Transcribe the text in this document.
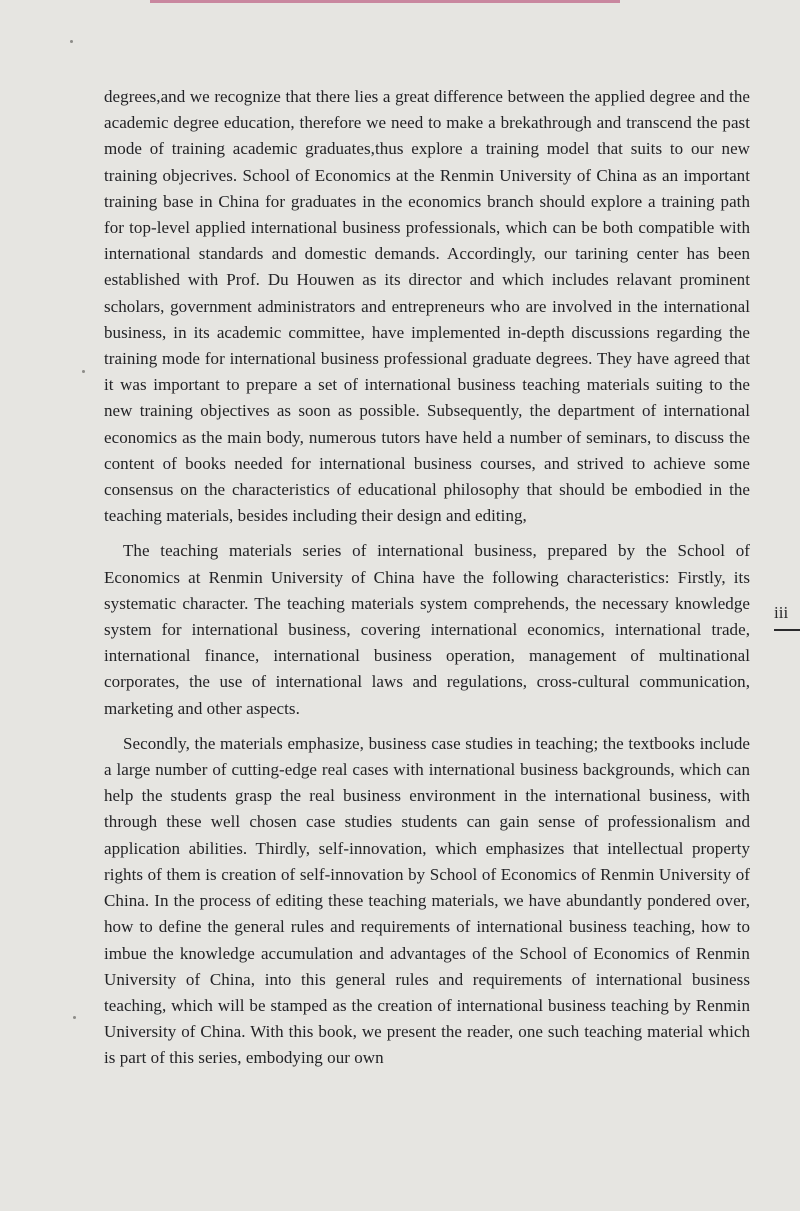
degrees,and we recognize that there lies a great difference between the applied degree and the academic degree education, therefore we need to make a brekathrough and transcend the past mode of training academic graduates,thus explore a training model that suits to our new training objecrives. School of Economics at the Renmin University of China as an important training base in China for graduates in the economics branch should explore a training path for top-level applied international business professionals, which can be both compatible with international standards and domestic demands. Accordingly, our tarining center has been established with Prof. Du Houwen as its director and which includes relavant prominent scholars, government administrators and entrepreneurs who are involved in the international business, in its academic committee, have implemented in-depth discussions regarding the training mode for international business professional graduate degrees. They have agreed that it was important to prepare a set of international business teaching materials suiting to the new training objectives as soon as possible. Subsequently, the department of international economics as the main body, numerous tutors have held a number of seminars, to discuss the content of books needed for international business courses, and strived to achieve some consensus on the characteristics of educational philosophy that should be embodied in the teaching materials, besides including their design and editing,

The teaching materials series of international business, prepared by the School of Economics at Renmin University of China have the following characteristics: Firstly, its systematic character. The teaching materials system comprehends, the necessary knowledge system for international business, covering international economics, international trade, international finance, international business operation, management of multinational corporates, the use of international laws and regulations, cross-cultural communication, marketing and other aspects.

Secondly, the materials emphasize, business case studies in teaching; the textbooks include a large number of cutting-edge real cases with international business backgrounds, which can help the students grasp the real business environment in the international business, with through these well chosen case studies students can gain sense of professionalism and application abilities. Thirdly, self-innovation, which emphasizes that intellectual property rights of them is creation of self-innovation by School of Economics of Renmin University of China. In the process of editing these teaching materials, we have abundantly pondered over, how to define the general rules and requirements of international business teaching, how to imbue the knowledge accumulation and advantages of the School of Economics of Renmin University of China, into this general rules and requirements of international business teaching, which will be stamped as the creation of international business teaching by Renmin University of China. With this book, we present the reader, one such teaching material which is part of this series, embodying our own

iii
